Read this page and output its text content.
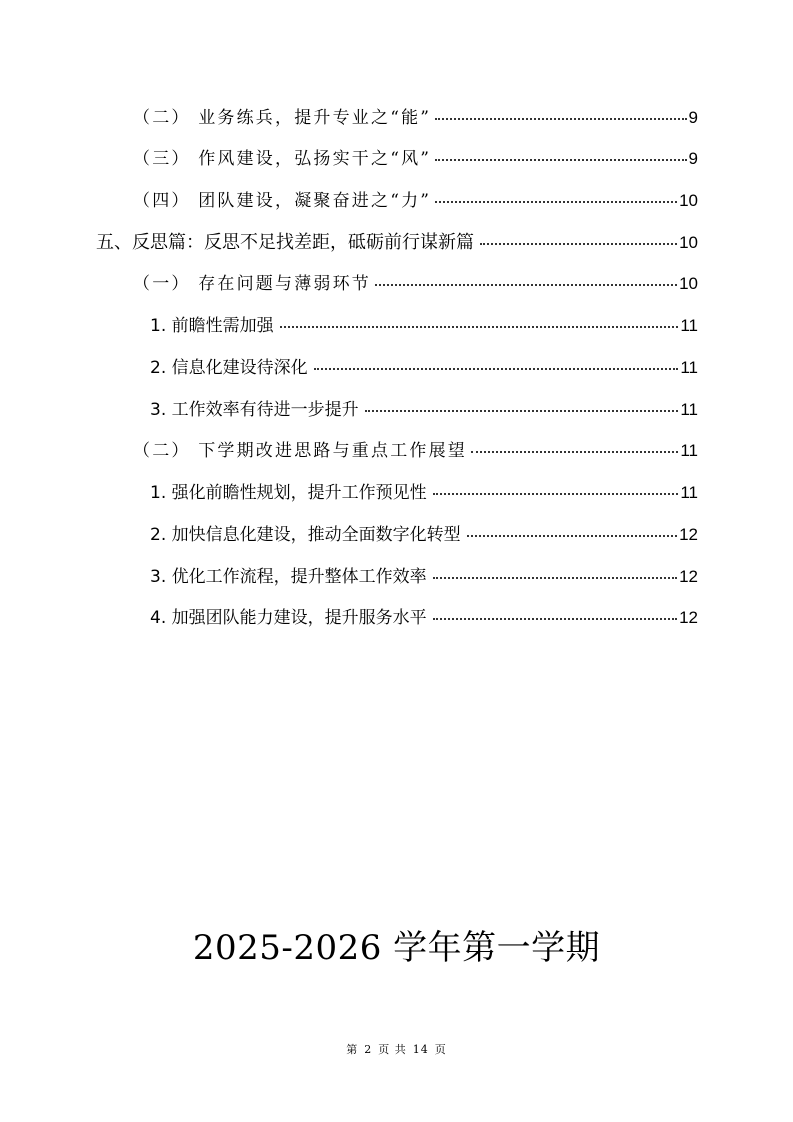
（二） 业务练兵，提升专业之“能”	9
（三） 作风建设，弘扬实干之“风”	9
（四） 团队建设，凝聚奋进之“力”	10
五、反思篇：反思不足找差距，砥砺前行谋新篇	10
（一） 存在问题与薄弱环节	10
1. 前瞻性需加强	11
2. 信息化建设待深化	11
3. 工作效率有待进一步提升	11
（二） 下学期改进思路与重点工作展望	11
1. 强化前瞻性规划，提升工作预见性	11
2. 加快信息化建设，推动全面数字化转型	12
3. 优化工作流程，提升整体工作效率	12
4. 加强团队能力建设，提升服务水平	12
2025-2026 学年第一学期
第 2 页 共 14 页
